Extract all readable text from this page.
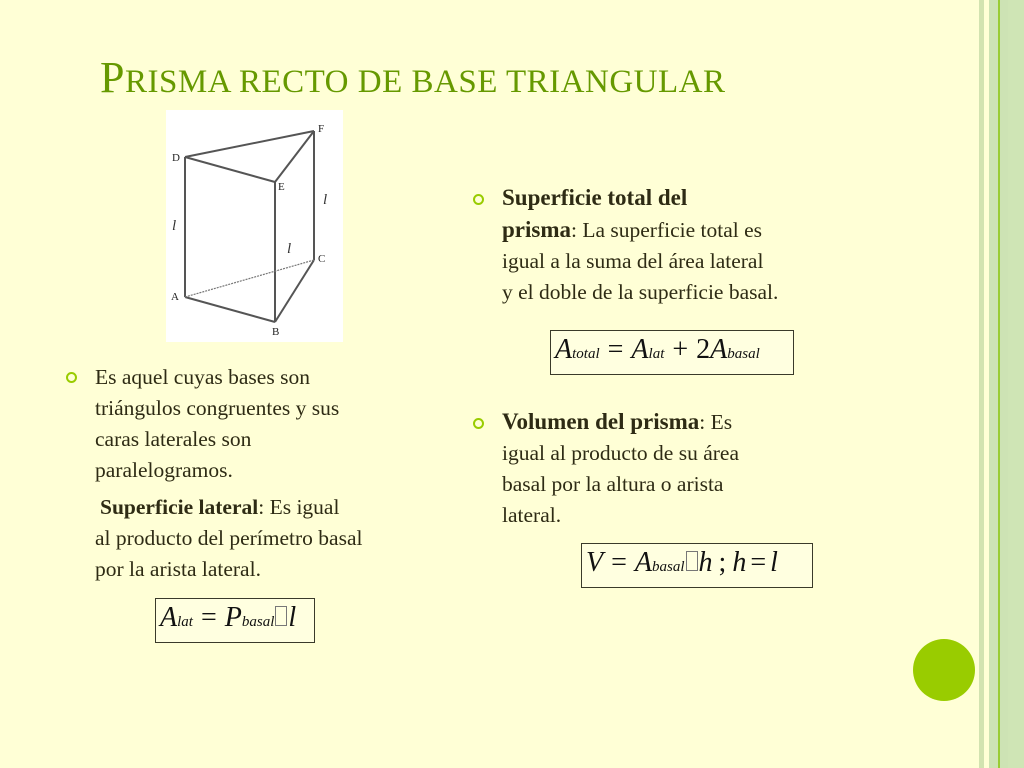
PRISMA RECTO DE BASE TRIANGULAR
D
F
E
C
A
B
l
l
l
Es aquel cuyas bases son
triángulos congruentes y sus
caras laterales son
paralelogramos.
Superficie lateral: Es igual
al producto del perímetro basal
por la arista lateral.
A lat = P basal l
Superficie total del
prisma: La superficie total es
igual a la suma del área lateral
y el doble de la superficie basal.
A total = A lat + 2 A basal
Volumen del prisma: Es
igual al producto de su área
basal por la altura o arista
lateral.
V = A basal h ; h = l
